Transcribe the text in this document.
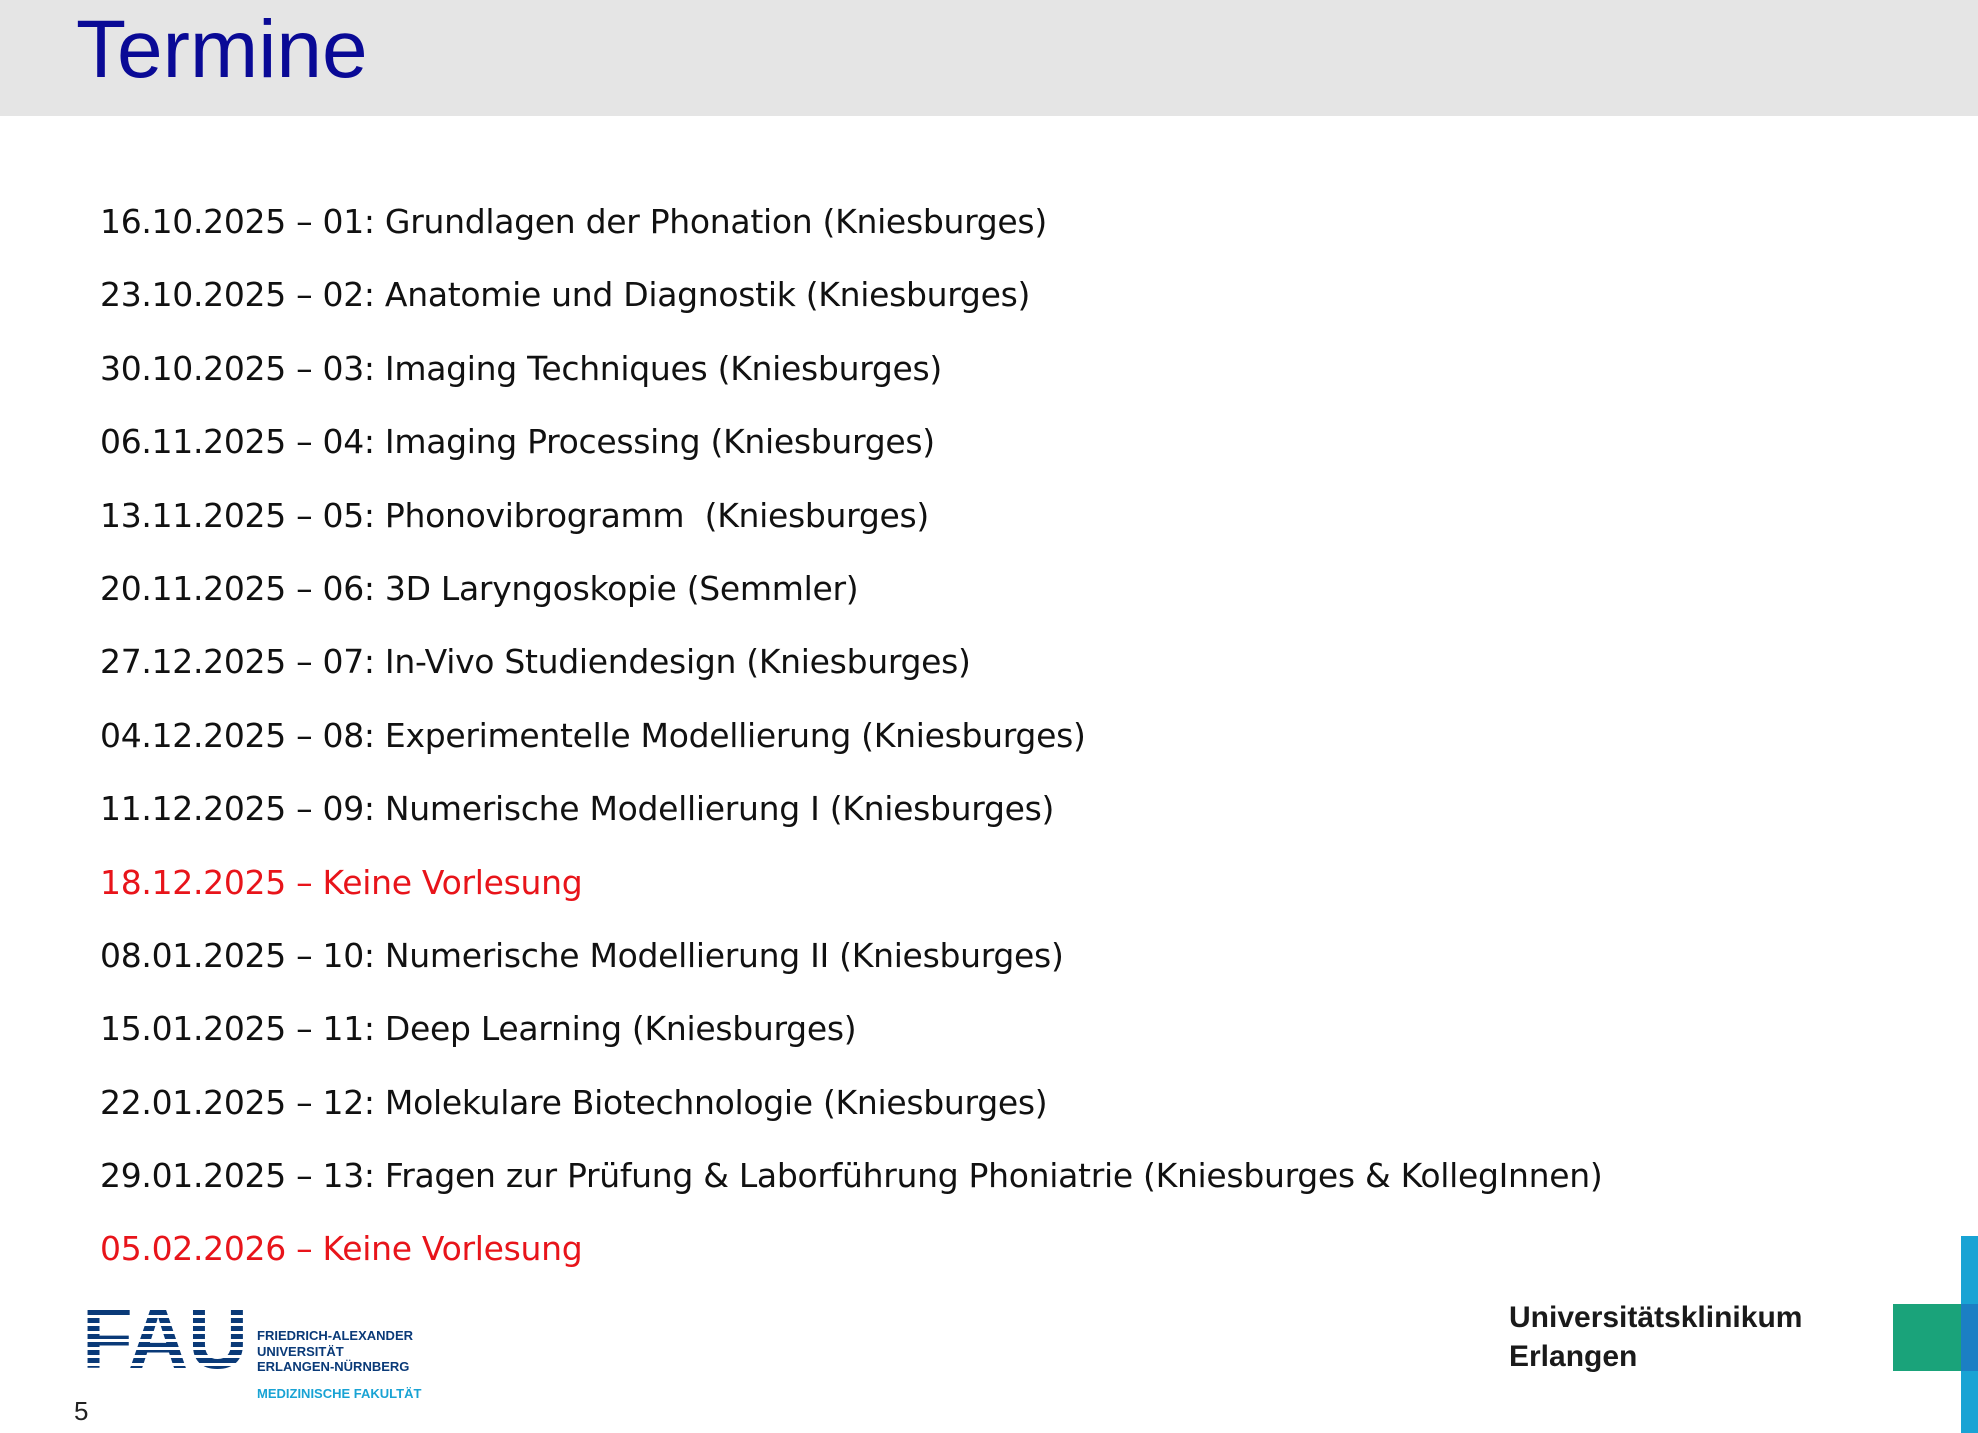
Termine
16.10.2025 – 01: Grundlagen der Phonation (Kniesburges)
23.10.2025 – 02: Anatomie und Diagnostik (Kniesburges)
30.10.2025 – 03: Imaging Techniques (Kniesburges)
06.11.2025 – 04: Imaging Processing (Kniesburges)
13.11.2025 – 05: Phonovibrogramm  (Kniesburges)
20.11.2025 – 06: 3D Laryngoskopie (Semmler)
27.12.2025 – 07: In-Vivo Studiendesign (Kniesburges)
04.12.2025 – 08: Experimentelle Modellierung (Kniesburges)
11.12.2025 – 09: Numerische Modellierung I (Kniesburges)
18.12.2025 – Keine Vorlesung
08.01.2025 – 10: Numerische Modellierung II (Kniesburges)
15.01.2025 – 11: Deep Learning (Kniesburges)
22.01.2025 – 12: Molekulare Biotechnologie (Kniesburges)
29.01.2025 – 13: Fragen zur Prüfung & Laborführung Phoniatrie (Kniesburges & KollegInnen)
05.02.2026 – Keine Vorlesung
FAU FRIEDRICH-ALEXANDER
UNIVERSITÄT
ERLANGEN-NÜRNBERG
MEDIZINISCHE FAKULTÄT
Universitätsklinikum
Erlangen
5
